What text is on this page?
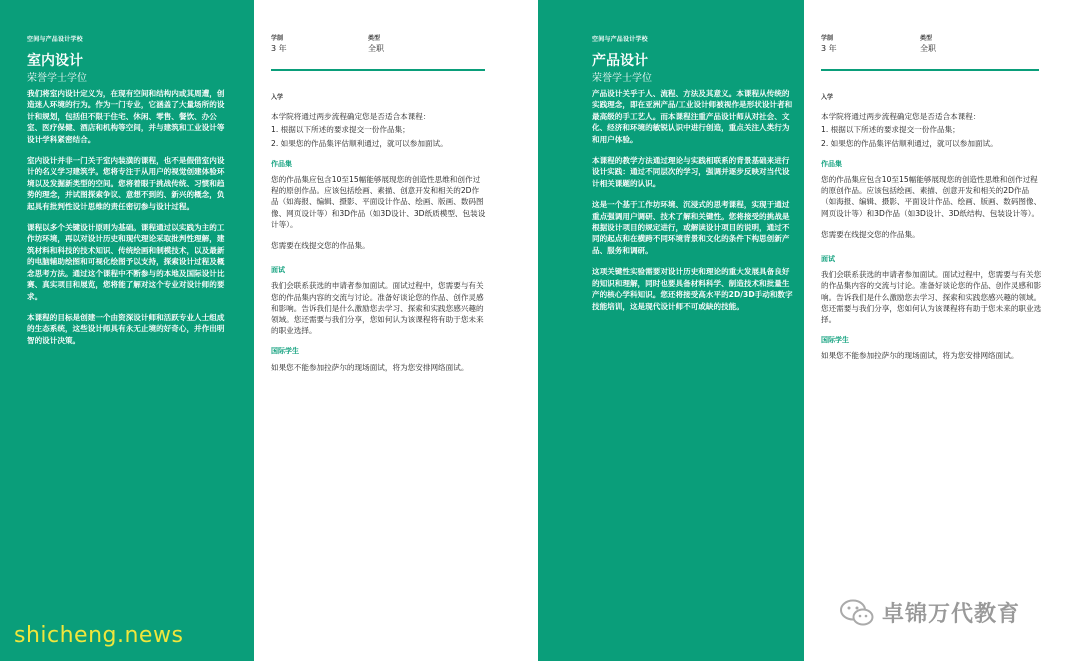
空间与产品设计学校
室内设计
荣誉学士学位

我们将室内设计定义为，在现有空间和结构内或其周遭，创造迷人环境的行为。作为一门专业，它涵盖了大量场所的设计和规划，包括但不限于住宅、休闲、零售、餐饮、办公室、医疗保健、酒店和机构等空间，并与建筑和工业设计等设计学科紧密结合。

室内设计并非一门关于室内装潢的课程，也不是假借室内设计的名义学习建筑学。您将专注于从用户的视觉创建体验环境以及发掘新类型的空间。您将着眼于挑战传统、习惯和趋势的理念，并试图探索争议、意想不到的、新兴的概念，负起具有批判性设计思维的责任密切参与设计过程。

课程以多个关键设计原则为基础。课程通过以实践为主的工作坊环境，再以对设计历史和现代理论采取批判性理解，建筑材料和科技的技术知识、传统绘画和制模技术，以及最新的电脑辅助绘图和可视化绘图予以支持，探索设计过程及概念思考方法。通过这个课程中不断参与的本地及国际设计比赛、真实项目和展览，您将能了解对这个专业对设计师的要求。

本课程的目标是创建一个由资深设计师和活跃专业人士组成的生态系统，这些设计师具有永无止境的好奇心，并作出明智的设计决策。

学制
3 年
类型
全职
入学

本学院将通过两步流程确定您是否适合本课程：

1. 根据以下所述的要求提交一份作品集；

2. 如果您的作品集评估顺利通过，就可以参加面试。

作品集

您的作品集应包含10至15幅能够展现您的创造性思维和创作过程的原创作品。应该包括绘画、素描、创意开发和相关的2D作品（如海报、编辑、摄影、平面设计作品、绘画、版画、数码图像、网页设计等）和3D作品（如3D设计、3D纸质模型、包装设计等）。

您需要在线提交您的作品集。

面试

我们会联系获选的申请者参加面试。面试过程中，您需要与有关您的作品集内容的交流与讨论。准备好谈论您的作品、创作灵感和影响。告诉我们是什么激励您去学习、探索和实践您感兴趣的领域。您还需要与我们分享，您如何认为该课程将有助于您未来的职业选择。

国际学生

如果您不能参加拉萨尔的现场面试，将为您安排网络面试。

空间与产品设计学校
产品设计
荣誉学士学位

产品设计关乎于人、流程、方法及其意义。本课程从传统的实践理念，即在亚洲产品/工业设计师被视作是形状设计者和最高级的手工艺人。而本课程注重产品设计师从对社会、文化、经济和环境的敏锐认识中进行创造，重点关注人类行为和用户体验。

本课程的教学方法通过理论与实践相联系的背景基础来进行设计实践：通过不同层次的学习，强调并逐步反映对当代设计相关课题的认识。

这是一个基于工作坊环境、沉浸式的思考课程，实现于通过重点强调用户调研、技术了解和关键性。您将接受的挑战是根据设计项目的规定进行，或解读设计项目的说明，通过不同的起点和在横跨不同环境背景和文化的条件下构思创新产品、服务和调研。

这项关键性实验需要对设计历史和理论的重大发展具备良好的知识和理解，同时也要具备材料科学、制造技术和批量生产的核心学科知识。您还将接受高水平的2D/3D手动和数字技能培训，这是现代设计师不可或缺的技能。

学制
3 年
类型
全职
入学

本学院将通过两步流程确定您是否适合本课程：

1. 根据以下所述的要求提交一份作品集；

2. 如果您的作品集评估顺利通过，就可以参加面试。

作品集

您的作品集应包含10至15幅能够展现您的创造性思维和创作过程的原创作品。应该包括绘画、素描、创意开发和相关的2D作品（如海报、编辑、摄影、平面设计作品、绘画、版画、数码图像、网页设计等）和3D作品（如3D设计、3D纸结构、包装设计等）。

您需要在线提交您的作品集。

面试

我们会联系获选的申请者参加面试。面试过程中，您需要与有关您的作品集内容的交流与讨论。准备好谈论您的作品、创作灵感和影响。告诉我们是什么激励您去学习、探索和实践您感兴趣的领域。您还需要与我们分享，您如何认为该课程将有助于您未来的职业选择。

国际学生

如果您不能参加拉萨尔的现场面试，将为您安排网络面试。

shicheng.news
卓锦万代教育
